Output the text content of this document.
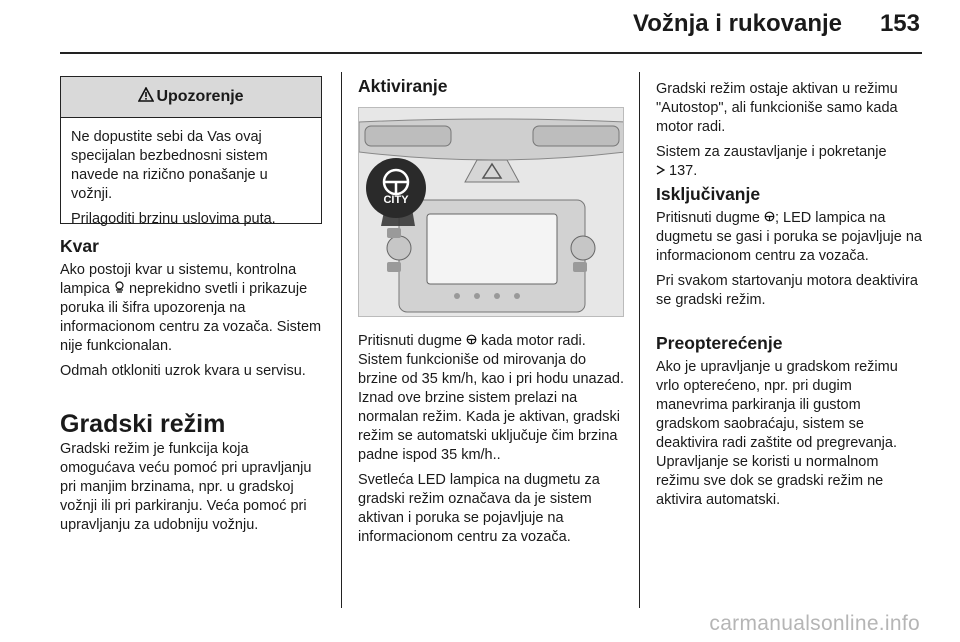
Vožnja i rukovanje 153
Upozorenje

Ne dopustite sebi da Vas ovaj specijalan bezbednosni sistem navede na rizično ponašanje u vožnji.

Prilagoditi brzinu uslovima puta.

Kvar

Ako postoji kvar u sistemu, kontrolna lampica neprekidno svetli i prikazuje poruka ili šifra upozorenja na informacionom centru za vozača. Sistem nije funkcionalan.

Odmah otkloniti uzrok kvara u servisu.

Gradski režim

Gradski režim je funkcija koja omogućava veću pomoć pri upravljanju pri manjim brzinama, npr. u gradskoj vožnji ili pri parkiranju. Veća pomoć pri upravljanju za udobniju vožnju.

Aktiviranje
CITY

Pritisnuti dugme kada motor radi. Sistem funkcioniše od mirovanja do brzine od 35 km/h, kao i pri hodu unazad. Iznad ove brzine sistem prelazi na normalan režim. Kada je aktivan, gradski režim se automatski uključuje čim brzina padne ispod 35 km/h..

Svetleća LED lampica na dugmetu za gradski režim označava da je sistem aktivan i poruka se pojavljuje na informacionom centru za vozača.

Gradski režim ostaje aktivan u režimu "Autostop", ali funkcioniše samo kada motor radi.

Sistem za zaustavljanje i pokretanje
137.

Isključivanje

Pritisnuti dugme ; LED lampica na dugmetu se gasi i poruka se pojavljuje na informacionom centru za vozača.

Pri svakom startovanju motora deaktivira se gradski režim.

Preopterećenje

Ako je upravljanje u gradskom režimu vrlo opterećeno, npr. pri dugim manevrima parkiranja ili gustom gradskom saobraćaju, sistem se deaktivira radi zaštite od pregrevanja. Upravljanje se koristi u normalnom režimu sve dok se gradski režim ne aktivira automatski.

carmanualsonline.info
